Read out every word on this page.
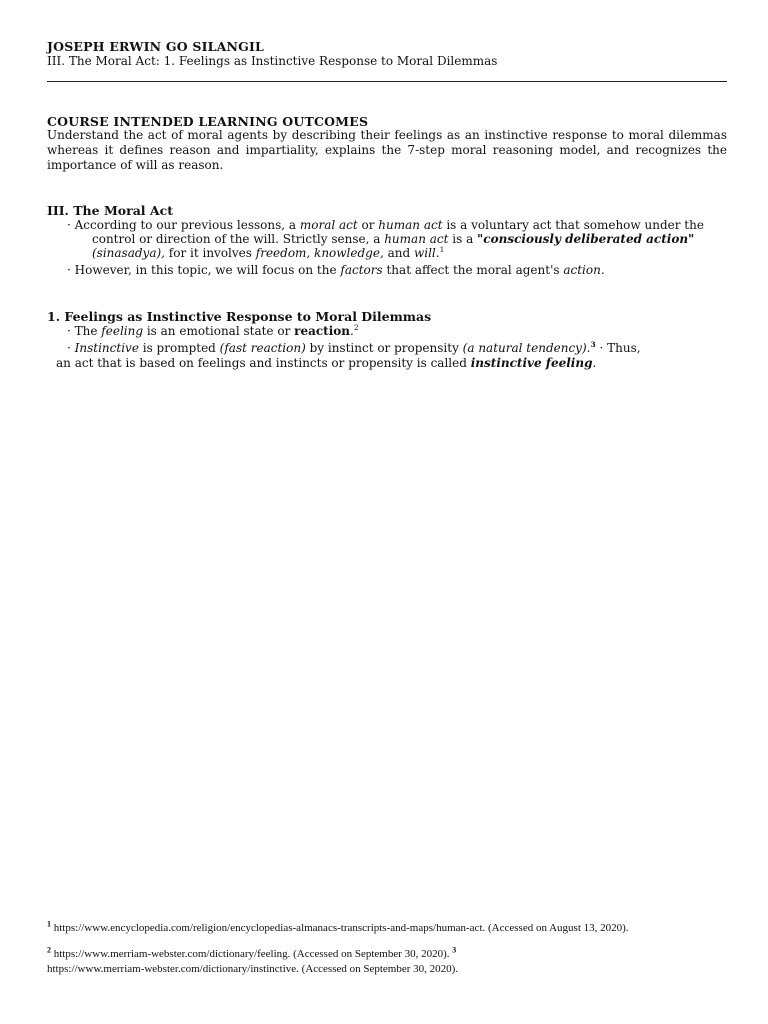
JOSEPH ERWIN GO SILANGIL
III. The Moral Act: 1. Feelings as Instinctive Response to Moral Dilemmas
COURSE INTENDED LEARNING OUTCOMES
Understand the act of moral agents by describing their feelings as an instinctive response to moral dilemmas whereas it defines reason and impartiality, explains the 7-step moral reasoning model, and recognizes the importance of will as reason.
III. The Moral Act
· According to our previous lessons, a moral act or human act is a voluntary act that somehow under the
control or direction of the will. Strictly sense, a human act is a "consciously deliberated action"
(sinasadya), for it involves freedom, knowledge, and will.$^1$
· However, in this topic, we will focus on the factors that affect the moral agent's action.
1. Feelings as Instinctive Response to Moral Dilemmas
· The feeling is an emotional state or reaction.$^2$
· Instinctive is prompted (fast reaction) by instinct or propensity (a natural tendency).$^3$ · Thus,
an act that is based on feelings and instincts or propensity is called instinctive feeling.
$^1$ https://www.encyclopedia.com/religion/encyclopedias-almanacs-transcripts-and-maps/human-act. (Accessed on August 13, 2020).
$^2$ https://www.merriam-webster.com/dictionary/feeling. (Accessed on September 30, 2020). $^3$
https://www.merriam-webster.com/dictionary/instinctive. (Accessed on September 30, 2020).
